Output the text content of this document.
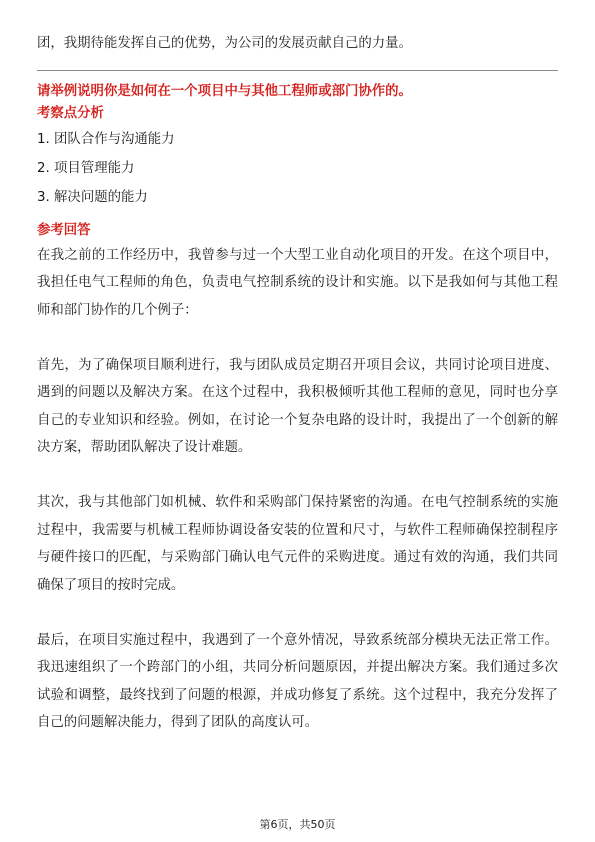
团，我期待能发挥自己的优势，为公司的发展贡献自己的力量。

请举例说明你是如何在一个项目中与其他工程师或部门协作的。

考察点分析

1. 团队合作与沟通能力
2. 项目管理能力
3. 解决问题的能力

参考回答

在我之前的工作经历中，我曾参与过一个大型工业自动化项目的开发。在这个项目中，我担任电气工程师的角色，负责电气控制系统的设计和实施。以下是我如何与其他工程师和部门协作的几个例子：

首先，为了确保项目顺利进行，我与团队成员定期召开项目会议，共同讨论项目进度、遇到的问题以及解决方案。在这个过程中，我积极倾听其他工程师的意见，同时也分享自己的专业知识和经验。例如，在讨论一个复杂电路的设计时，我提出了一个创新的解决方案，帮助团队解决了设计难题。

其次，我与其他部门如机械、软件和采购部门保持紧密的沟通。在电气控制系统的实施过程中，我需要与机械工程师协调设备安装的位置和尺寸，与软件工程师确保控制程序与硬件接口的匹配，与采购部门确认电气元件的采购进度。通过有效的沟通，我们共同确保了项目的按时完成。

最后，在项目实施过程中，我遇到了一个意外情况，导致系统部分模块无法正常工作。我迅速组织了一个跨部门的小组，共同分析问题原因，并提出解决方案。我们通过多次试验和调整，最终找到了问题的根源，并成功修复了系统。这个过程中，我充分发挥了自己的问题解决能力，得到了团队的高度认可。

第6页，共50页
